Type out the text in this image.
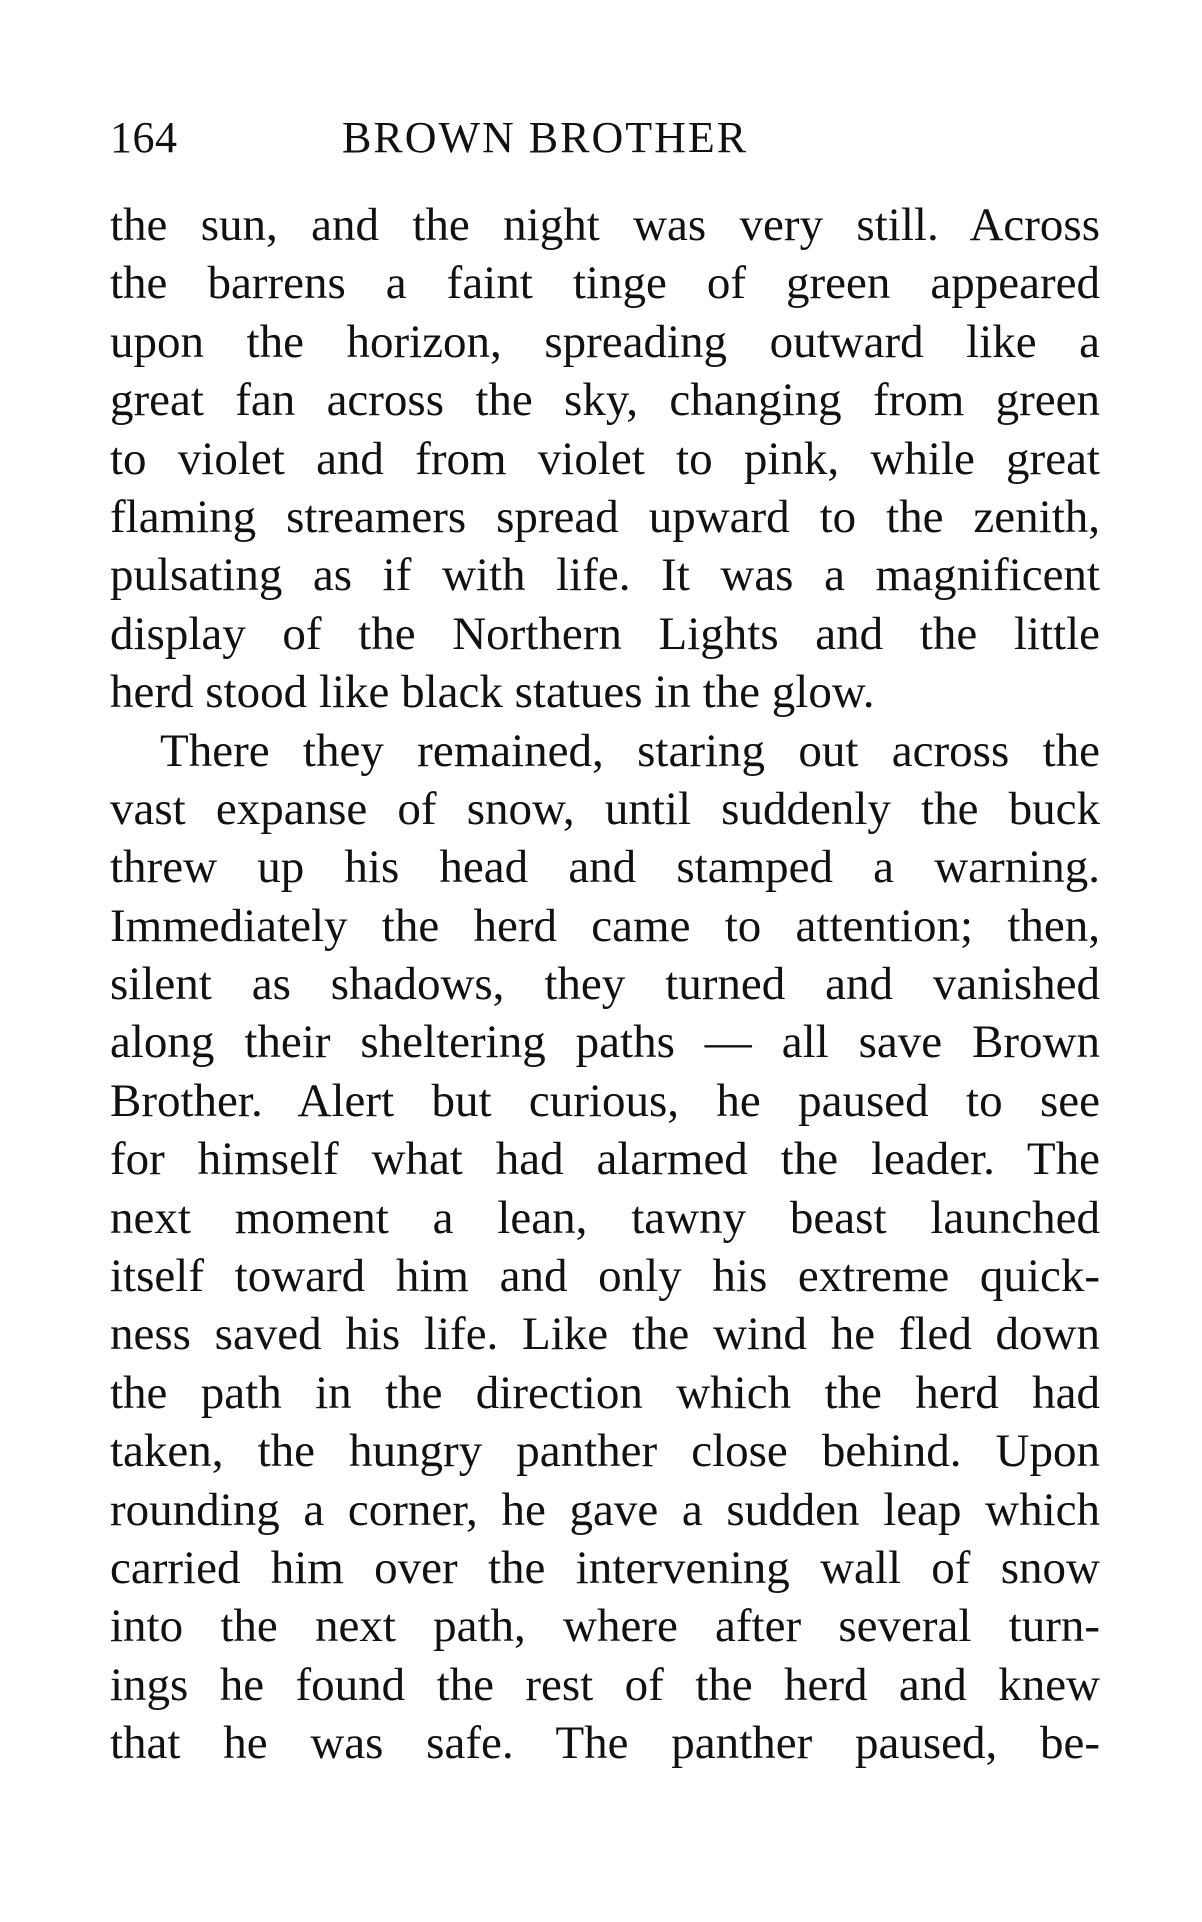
164	BROWN BROTHER
the sun, and the night was very still. Across
the barrens a faint tinge of green appeared
upon the horizon, spreading outward like a
great fan across the sky, changing from green
to violet and from violet to pink, while great
flaming streamers spread upward to the zenith,
pulsating as if with life. It was a magnificent
display of the Northern Lights and the little
herd stood like black statues in the glow.
There they remained, staring out across the
vast expanse of snow, until suddenly the buck
threw up his head and stamped a warning.
Immediately the herd came to attention; then,
silent as shadows, they turned and vanished
along their sheltering paths — all save Brown
Brother. Alert but curious, he paused to see
for himself what had alarmed the leader. The
next moment a lean, tawny beast launched
itself toward him and only his extreme quick-
ness saved his life. Like the wind he fled down
the path in the direction which the herd had
taken, the hungry panther close behind. Upon
rounding a corner, he gave a sudden leap which
carried him over the intervening wall of snow
into the next path, where after several turn-
ings he found the rest of the herd and knew
that he was safe. The panther paused, be-
